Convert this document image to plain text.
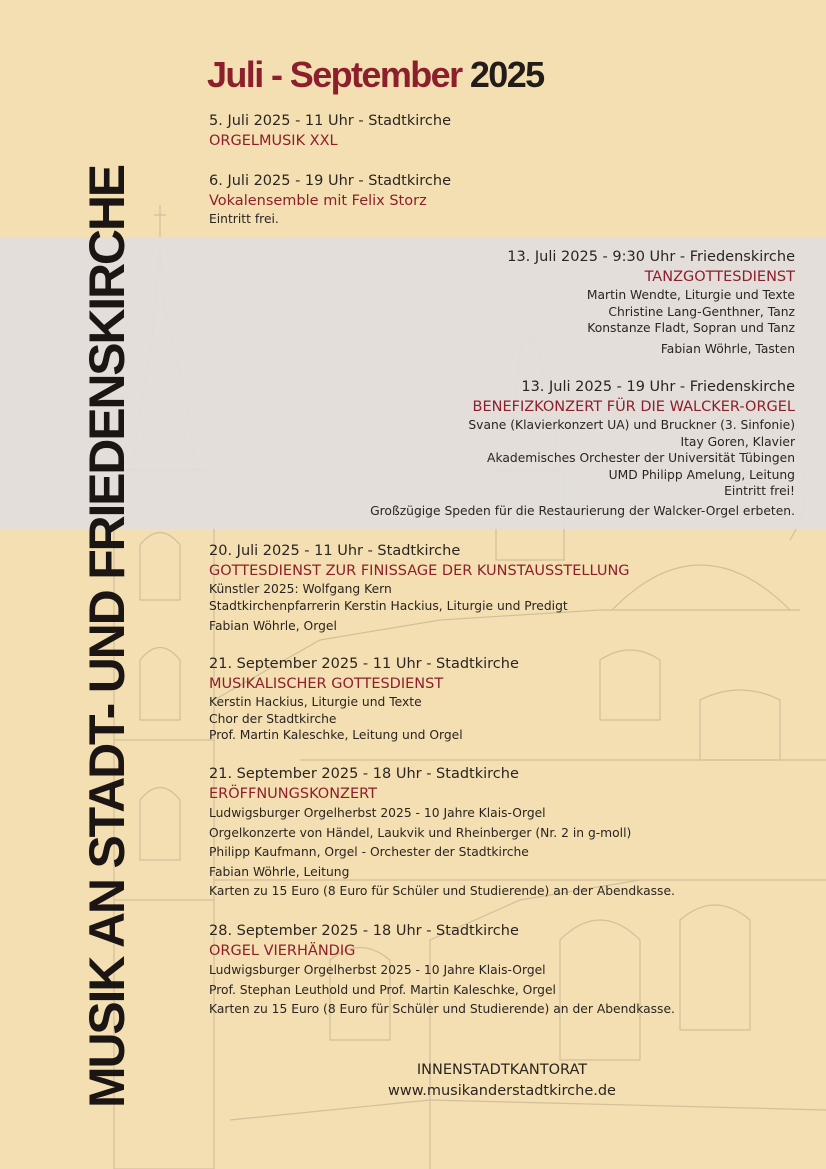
MUSIK AN STADT- UND FRIEDENSKIRCHE
Juli - September 2025
5. Juli 2025 - 11 Uhr - Stadtkirche
ORGELMUSIK XXL
6. Juli 2025 - 19 Uhr - Stadtkirche
Vokalensemble mit Felix Storz
Eintritt frei.
13. Juli 2025 - 9:30 Uhr - Friedenskirche
TANZGOTTESDIENST
Martin Wendte, Liturgie und Texte
Christine Lang-Genthner, Tanz
Konstanze Fladt, Sopran und Tanz
Fabian Wöhrle, Tasten
13. Juli 2025 - 19 Uhr - Friedenskirche
BENEFIZKONZERT FÜR DIE WALCKER-ORGEL
Svane (Klavierkonzert UA) und Bruckner (3. Sinfonie)
Itay Goren, Klavier
Akademisches Orchester der Universität Tübingen
UMD Philipp Amelung, Leitung
Eintritt frei!
Großzügige Speden für die Restaurierung der Walcker-Orgel erbeten.
20. Juli 2025 - 11 Uhr - Stadtkirche
GOTTESDIENST ZUR FINISSAGE DER KUNSTAUSSTELLUNG
Künstler 2025: Wolfgang Kern
Stadtkirchenpfarrerin Kerstin Hackius, Liturgie und Predigt
Fabian Wöhrle, Orgel
21. September 2025 - 11 Uhr - Stadtkirche
MUSIKALISCHER GOTTESDIENST
Kerstin Hackius, Liturgie und Texte
Chor der Stadtkirche
Prof. Martin Kaleschke, Leitung und Orgel
21. September 2025 - 18 Uhr - Stadtkirche
ERÖFFNUNGSKONZERT
Ludwigsburger Orgelherbst 2025 - 10 Jahre Klais-Orgel
Orgelkonzerte von Händel, Laukvik und Rheinberger (Nr. 2 in g-moll)
Philipp Kaufmann, Orgel - Orchester der Stadtkirche
Fabian Wöhrle, Leitung
Karten zu 15 Euro (8 Euro für Schüler und Studierende) an der Abendkasse.
28. September 2025 - 18 Uhr - Stadtkirche
ORGEL VIERHÄNDIG
Ludwigsburger Orgelherbst 2025 - 10 Jahre Klais-Orgel
Prof. Stephan Leuthold und Prof. Martin Kaleschke, Orgel
Karten zu 15 Euro (8 Euro für Schüler und Studierende) an der Abendkasse.
INNENSTADTKANTORAT
www.musikanderstadtkirche.de
